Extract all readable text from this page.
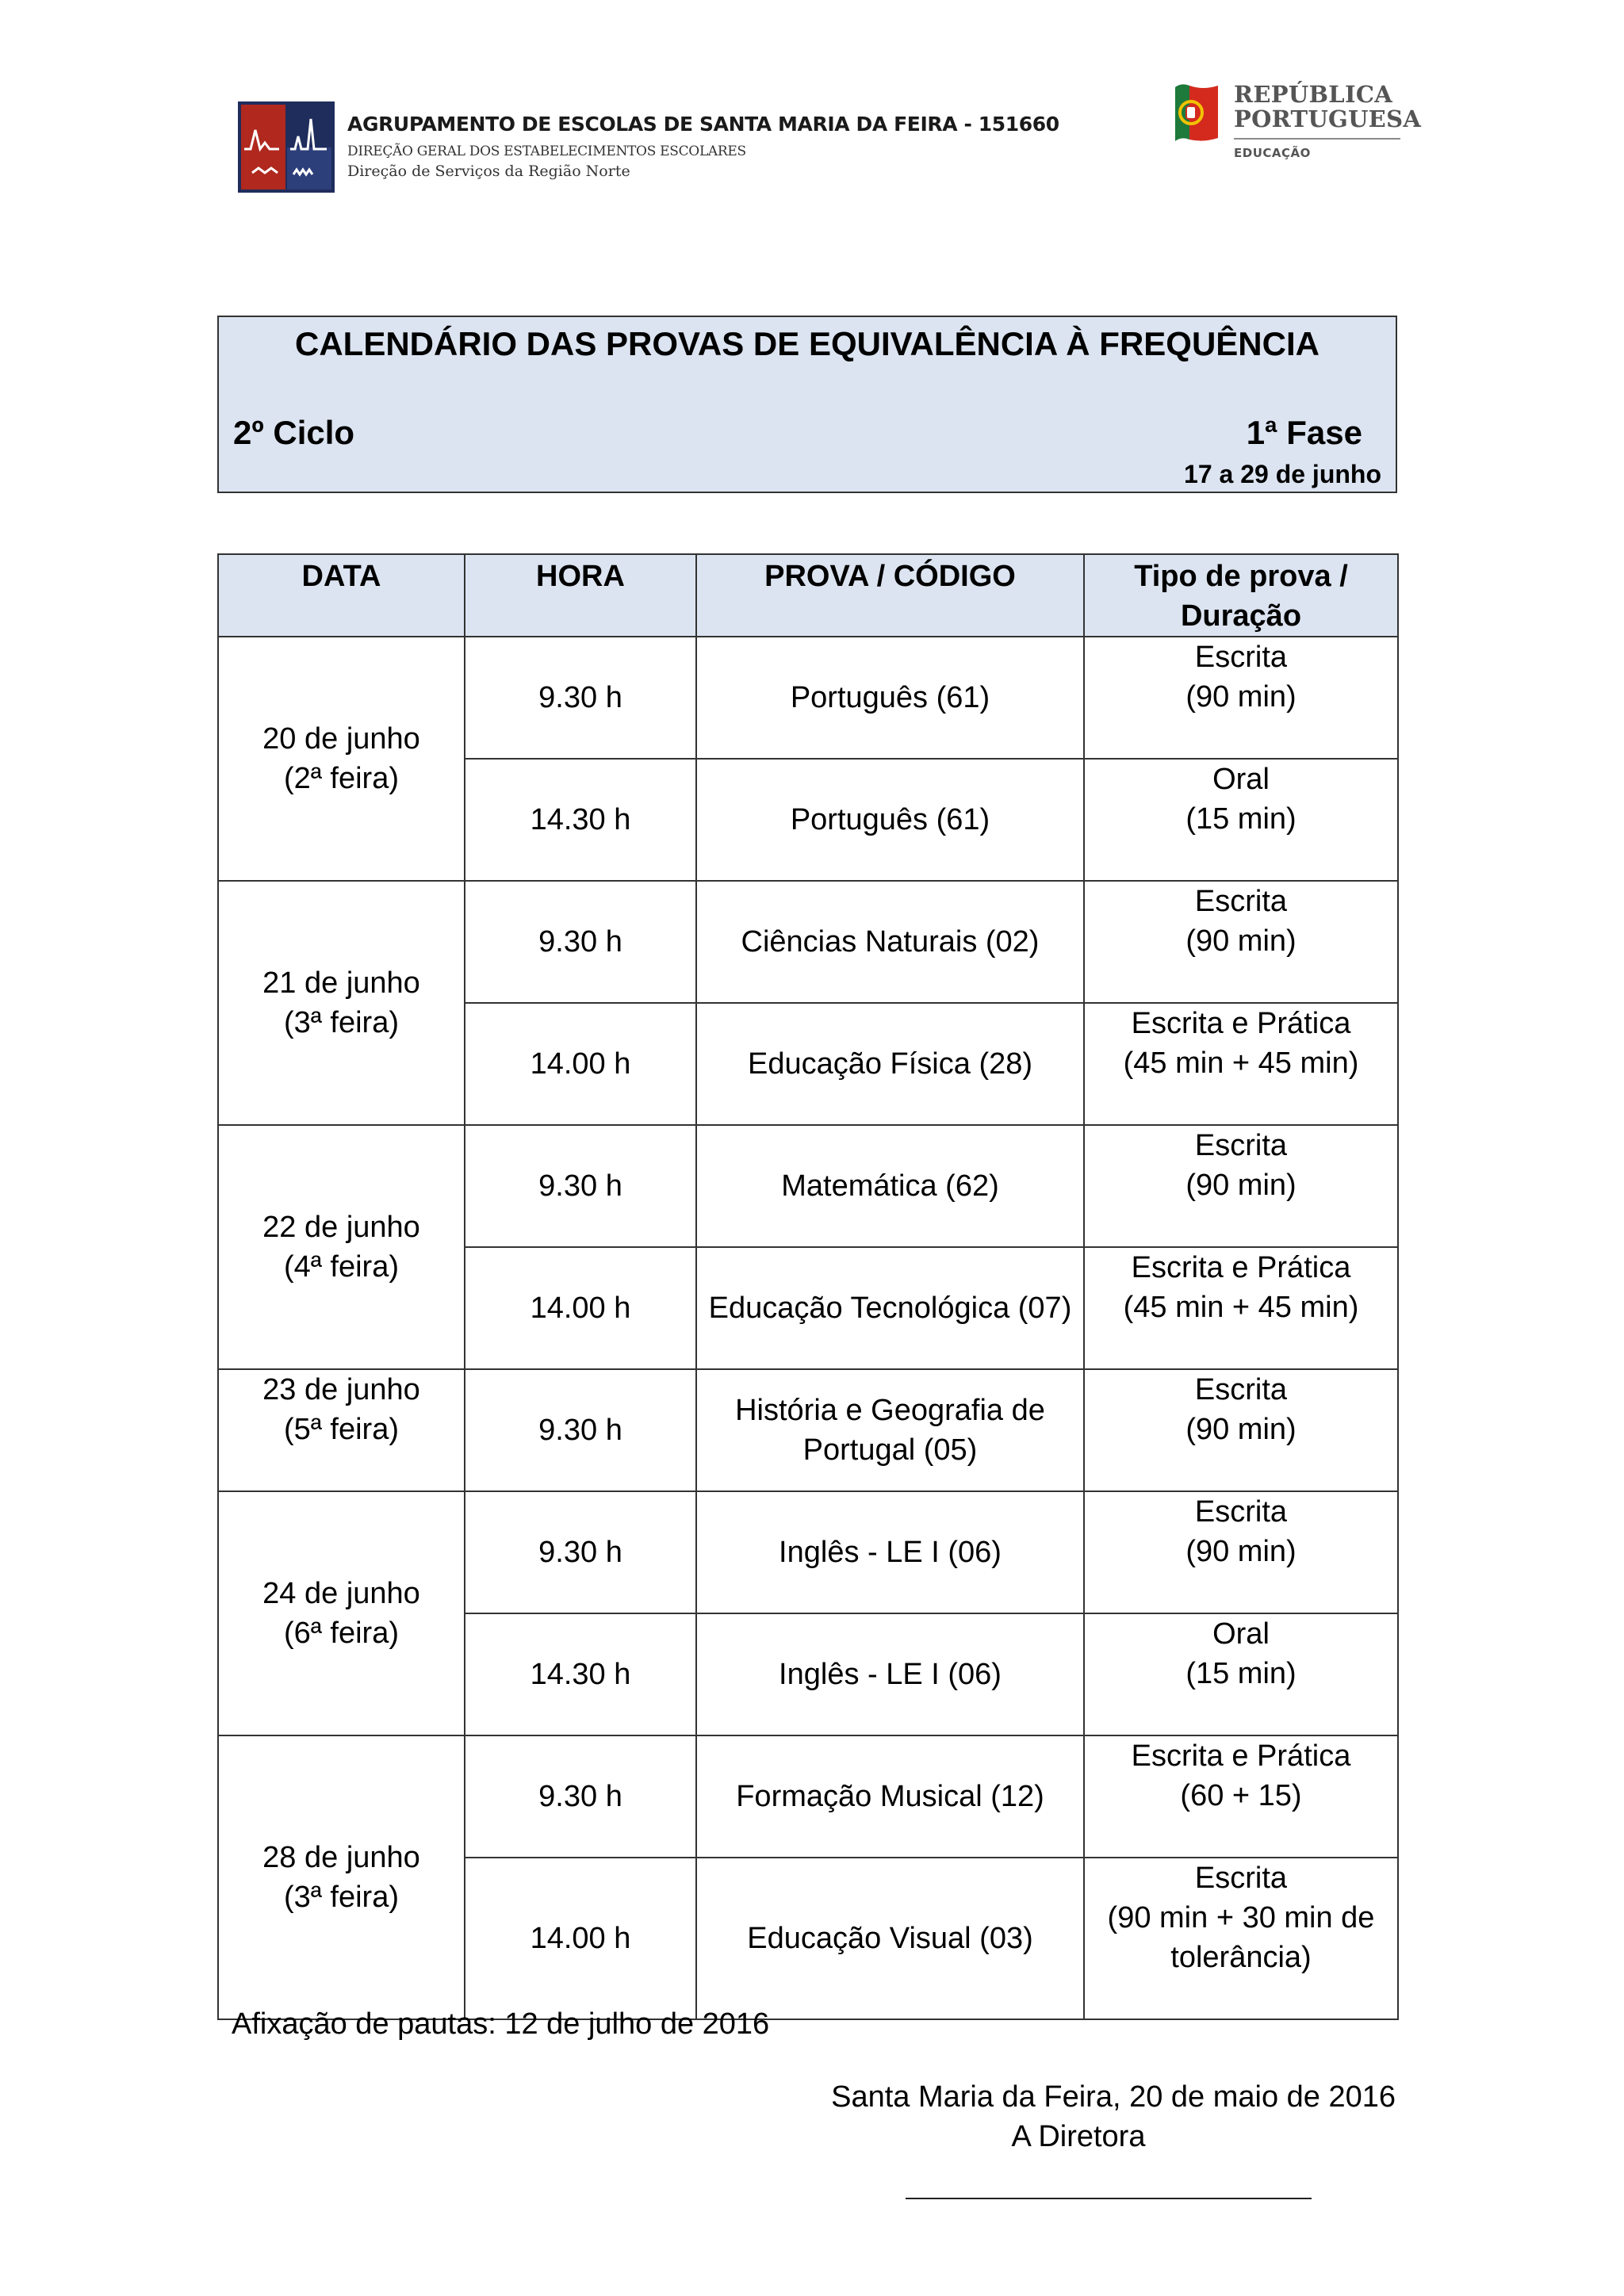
AGRUPAMENTO DE ESCOLAS DE SANTA MARIA DA FEIRA - 151660
DIREÇÃO GERAL DOS ESTABELECIMENTOS ESCOLARES
Direção de Serviços da Região Norte
REPÚBLICA
PORTUGUESA
EDUCAÇÃO
CALENDÁRIO DAS PROVAS DE EQUIVALÊNCIA À FREQUÊNCIA
2º Ciclo	1ª Fase
17 a 29 de junho
DATA	HORA	PROVA / CÓDIGO	Tipo de prova / Duração

20 de junho
(2ª feira)	9.30 h	Português (61)	Escrita
(90 min)

	14.30 h	Português (61)	Oral
(15 min)

21 de junho
(3ª feira)	9.30 h	Ciências Naturais (02)	Escrita
(90 min)

	14.00 h	Educação Física (28)	Escrita e Prática
(45 min + 45 min)

22 de junho
(4ª feira)	9.30 h	Matemática (62)	Escrita
(90 min)

	14.00 h	Educação Tecnológica (07)	Escrita e Prática
(45 min + 45 min)

23 de junho
(5ª feira)	9.30 h	História e Geografia de
Portugal (05)	Escrita
(90 min)

24 de junho
(6ª feira)	9.30 h	Inglês - LE I (06)	Escrita
(90 min)

	14.30 h	Inglês - LE I (06)	Oral
(15 min)

28 de junho
(3ª feira)	9.30 h	Formação Musical (12)	Escrita e Prática
(60 + 15)

	14.00 h	Educação Visual (03)	Escrita
(90 min + 30 min de
tolerância)
Afixação de pautas: 12 de julho de 2016
Santa Maria da Feira, 20 de maio de 2016
A Diretora
